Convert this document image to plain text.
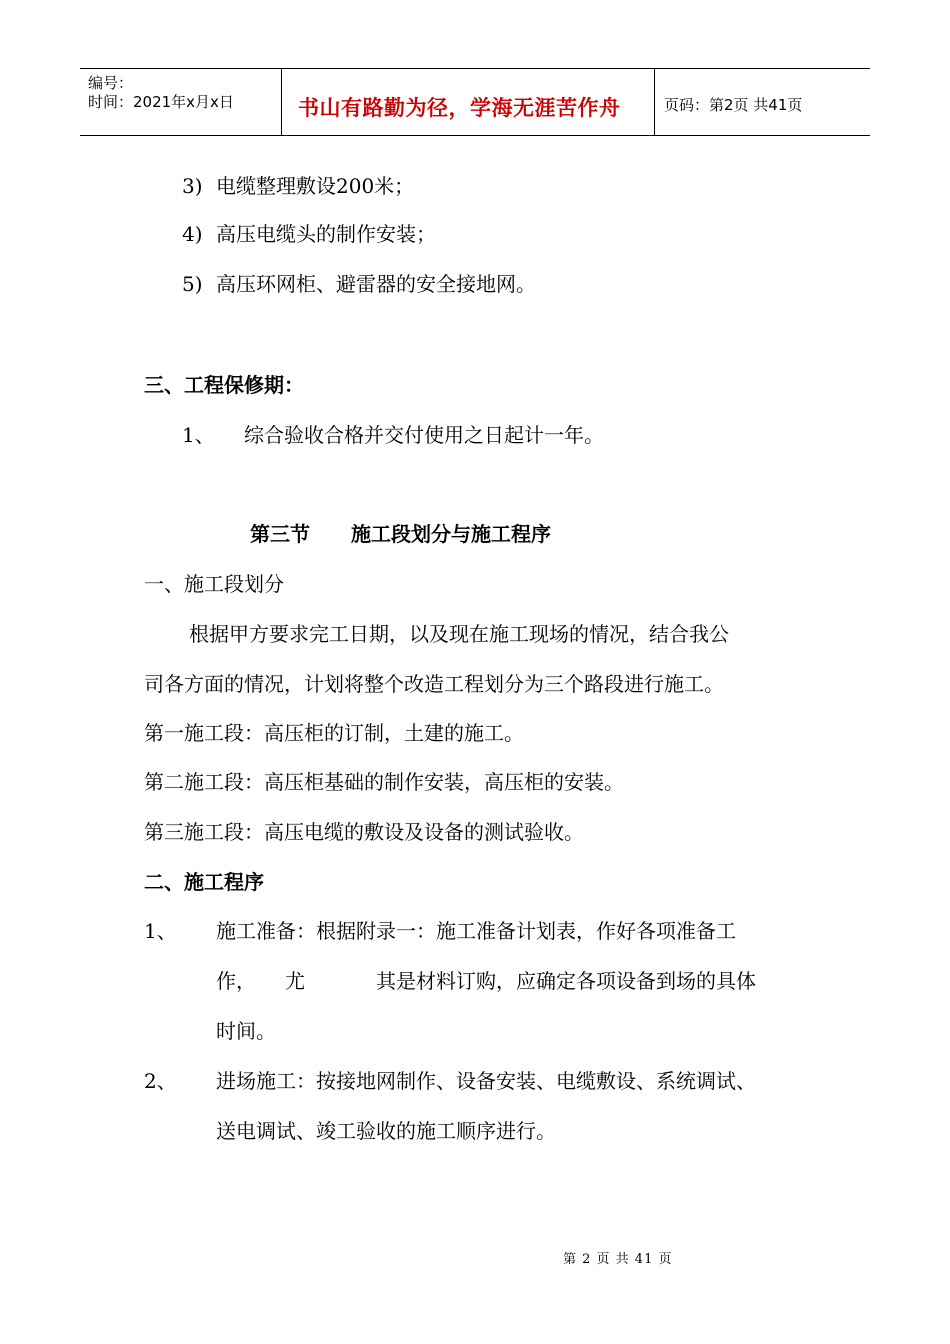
编号：
时间：2021年x月x日	书山有路勤为径，学海无涯苦作舟	页码：第2页 共41页
3) 电缆整理敷设200米；
4) 高压电缆头的制作安装；
5) 高压环网柜、避雷器的安全接地网。
三、工程保修期：
1、 综合验收合格并交付使用之日起计一年。
第三节 施工段划分与施工程序
一、施工段划分
根据甲方要求完工日期，以及现在施工现场的情况，结合我公
司各方面的情况，计划将整个改造工程划分为三个路段进行施工。
第一施工段：高压柜的订制，土建的施工。
第二施工段：高压柜基础的制作安装，高压柜的安装。
第三施工段：高压电缆的敷设及设备的测试验收。
二、施工程序
1、 施工准备：根据附录一：施工准备计划表，作好各项准备工
作， 尤	其是材料订购，应确定各项设备到场的具体
时间。
2、 进场施工：按接地网制作、设备安装、电缆敷设、系统调试、
送电调试、竣工验收的施工顺序进行。
第 2 页 共 41 页
